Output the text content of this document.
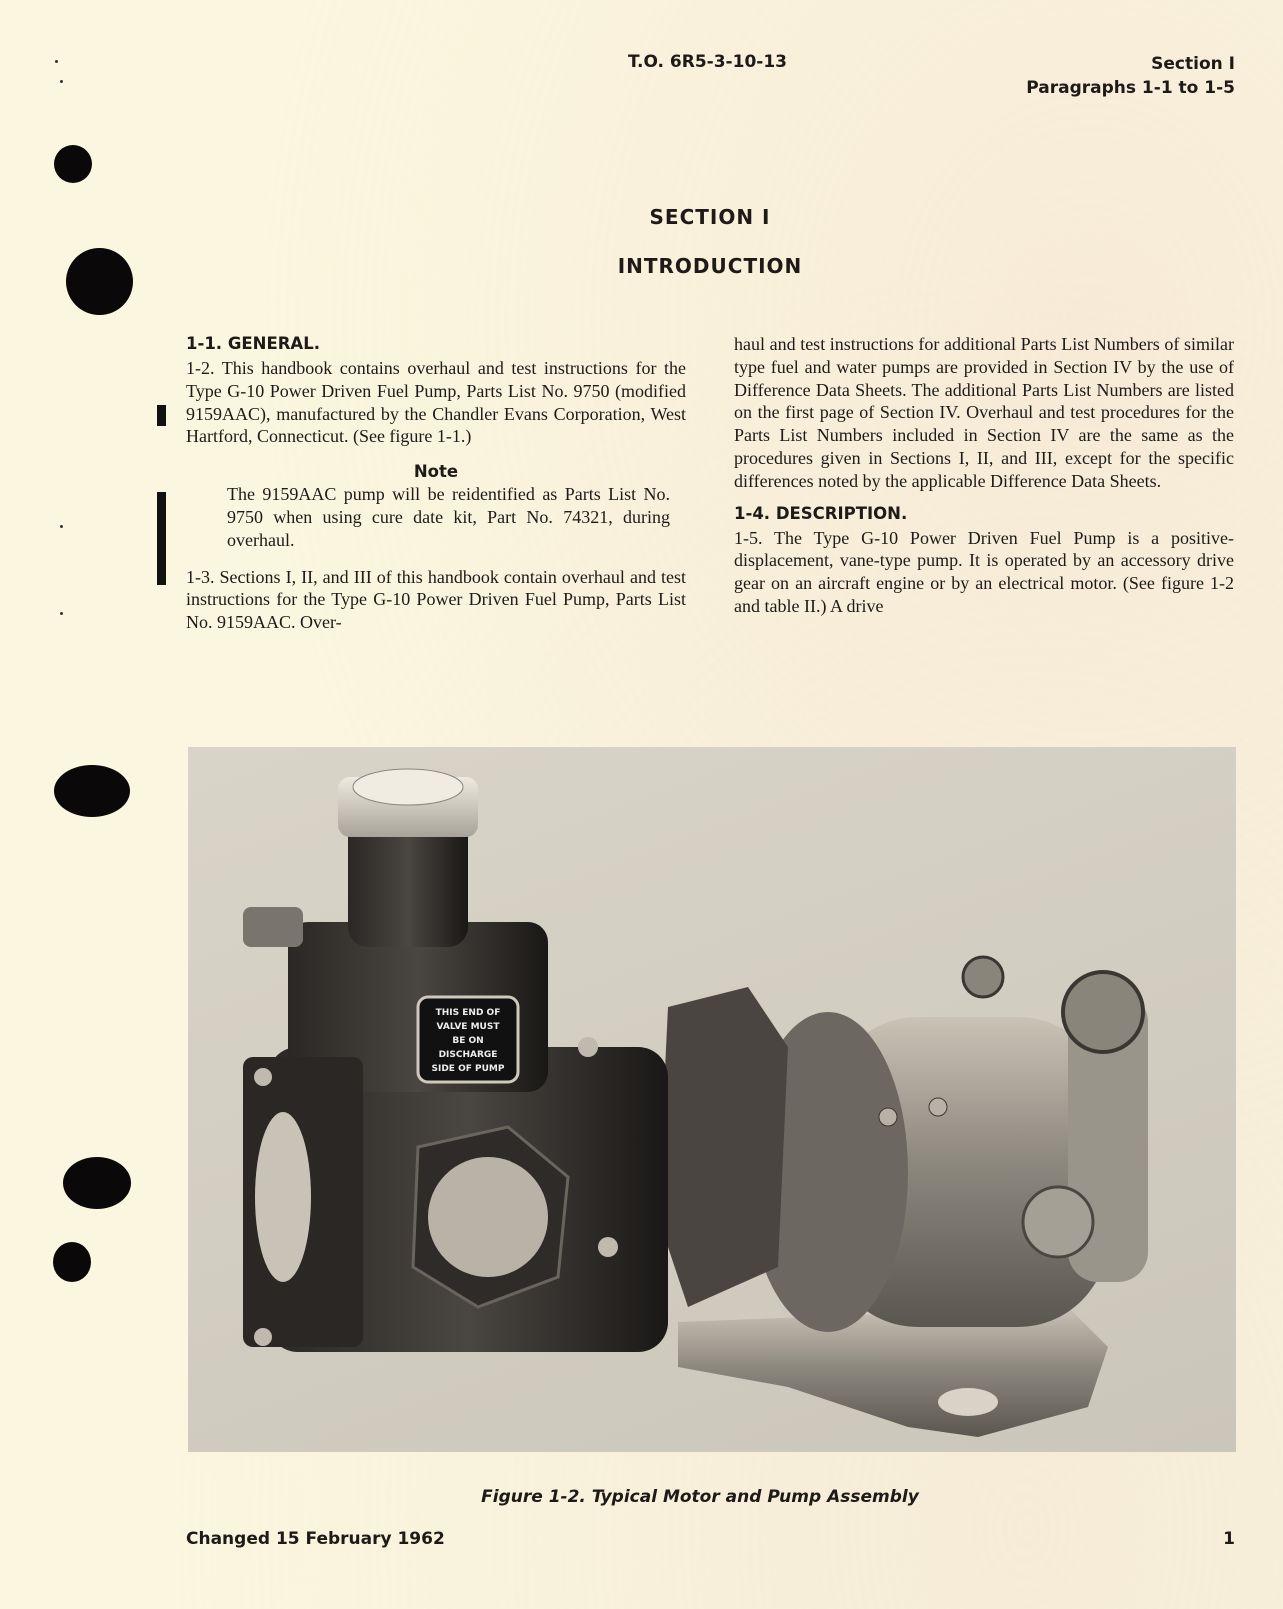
T.O. 6R5-3-10-13	Section I
Paragraphs 1-1 to 1-5
SECTION I
INTRODUCTION
1-1. GENERAL.

1-2. This handbook contains overhaul and test instructions for the Type G-10 Power Driven Fuel Pump, Parts List No. 9750 (modified 9159AAC), manufactured by the Chandler Evans Corporation, West Hartford, Connecticut. (See figure 1-1.)

Note

The 9159AAC pump will be reidentified as Parts List No. 9750 when using cure date kit, Part No. 74321, during overhaul.

1-3. Sections I, II, and III of this handbook contain overhaul and test instructions for the Type G-10 Power Driven Fuel Pump, Parts List No. 9159AAC. Over-

haul and test instructions for additional Parts List Numbers of similar type fuel and water pumps are provided in Section IV by the use of Difference Data Sheets. The additional Parts List Numbers are listed on the first page of Section IV. Overhaul and test procedures for the Parts List Numbers included in Section IV are the same as the procedures given in Sections I, II, and III, except for the specific differences noted by the applicable Difference Data Sheets.

1-4. DESCRIPTION.

1-5. The Type G-10 Power Driven Fuel Pump is a positive-displacement, vane-type pump. It is operated by an accessory drive gear on an aircraft engine or by an electrical motor. (See figure 1-2 and table II.) A drive

THIS END OF
VALVE MUST
BE ON
DISCHARGE
SIDE OF PUMP
Figure 1-2. Typical Motor and Pump Assembly
Changed 15 February 1962	1
